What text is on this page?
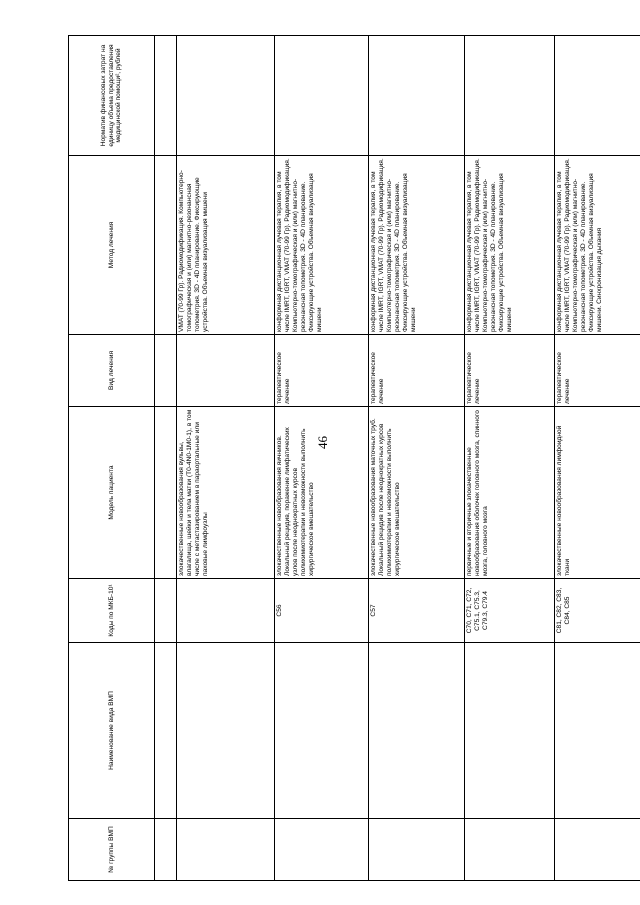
46
№ группы ВМП	Наименование вида ВМП	Коды по МКБ-10¹	Модель пациента	Вид лечения	Метод лечения	Норматив финансовых затрат на единицу объема предоставления медицинской помощи², рублей

			злокачественные новообразования вульвы, влагалища, шейки и тела матки (T0-4N0-1M0-1), в том числе с метастазированием в параортальные или паховые лимфоузлы		VMAT (70-99 Гр). Радиомодификация. Компьютерно-томографическая и (или) магнитно-резонансная топометрия. 3D - 4D планирование. Фиксирующие устройства. Объемная визуализация мишени	
		C56	злокачественные новообразования яичников. Локальный рецидив, поражение лимфатических узлов после неоднократных курсов полихимиотерапии и невозможности выполнить хирургическое вмешательство	терапевтическое лечение	конформная дистанционная лучевая терапия, в том числе IMRT, IGRT, VMAT (70-99 Гр). Радиомодификация. Компьютерно-томографическая и (или) магнитно-резонансная топометрия. 3D - 4D планирование. Фиксирующие устройства. Объемная визуализация мишени	
		C57	злокачественные новообразования маточных труб. Локальный рецидив после неоднократных курсов полихимиотерапии и невозможности выполнить хирургическое вмешательство	терапевтическое лечение	конформная дистанционная лучевая терапия, в том числе IMRT, IGRT, VMAT (70-99 Гр). Радиомодификация. Компьютерно-томографическая и (или) магнитно-резонансная топометрия. 3D - 4D планирование. Фиксирующие устройства. Объемная визуализация мишени	
		C70, C71, C72, C75.1, C75.3, C79.3, C79.4	первичные и вторичные злокачественные новообразования оболочек головного мозга, спинного мозга, головного мозга	терапевтическое лечение	конформная дистанционная лучевая терапия, в том числе IMRT, IGRT, VMAT (70-99 Гр). Радиомодификация. Компьютерно-томографическая и (или) магнитно-резонансная топометрия. 3D - 4D планирование. Фиксирующие устройства. Объемная визуализация мишени	
		C81, C82, C83, C84, C85	злокачественные новообразования лимфоидной ткани	терапевтическое лечение	конформная дистанционная лучевая терапия, в том числе IMRT, IGRT, VMAT (70-99 Гр). Радиомодификация. Компьютерно-томографическая и (или) магнитно-резонансная топометрия. 3D - 4D планирование. Фиксирующие устройства. Объемная визуализация мишени. Синхронизация дыхания	
